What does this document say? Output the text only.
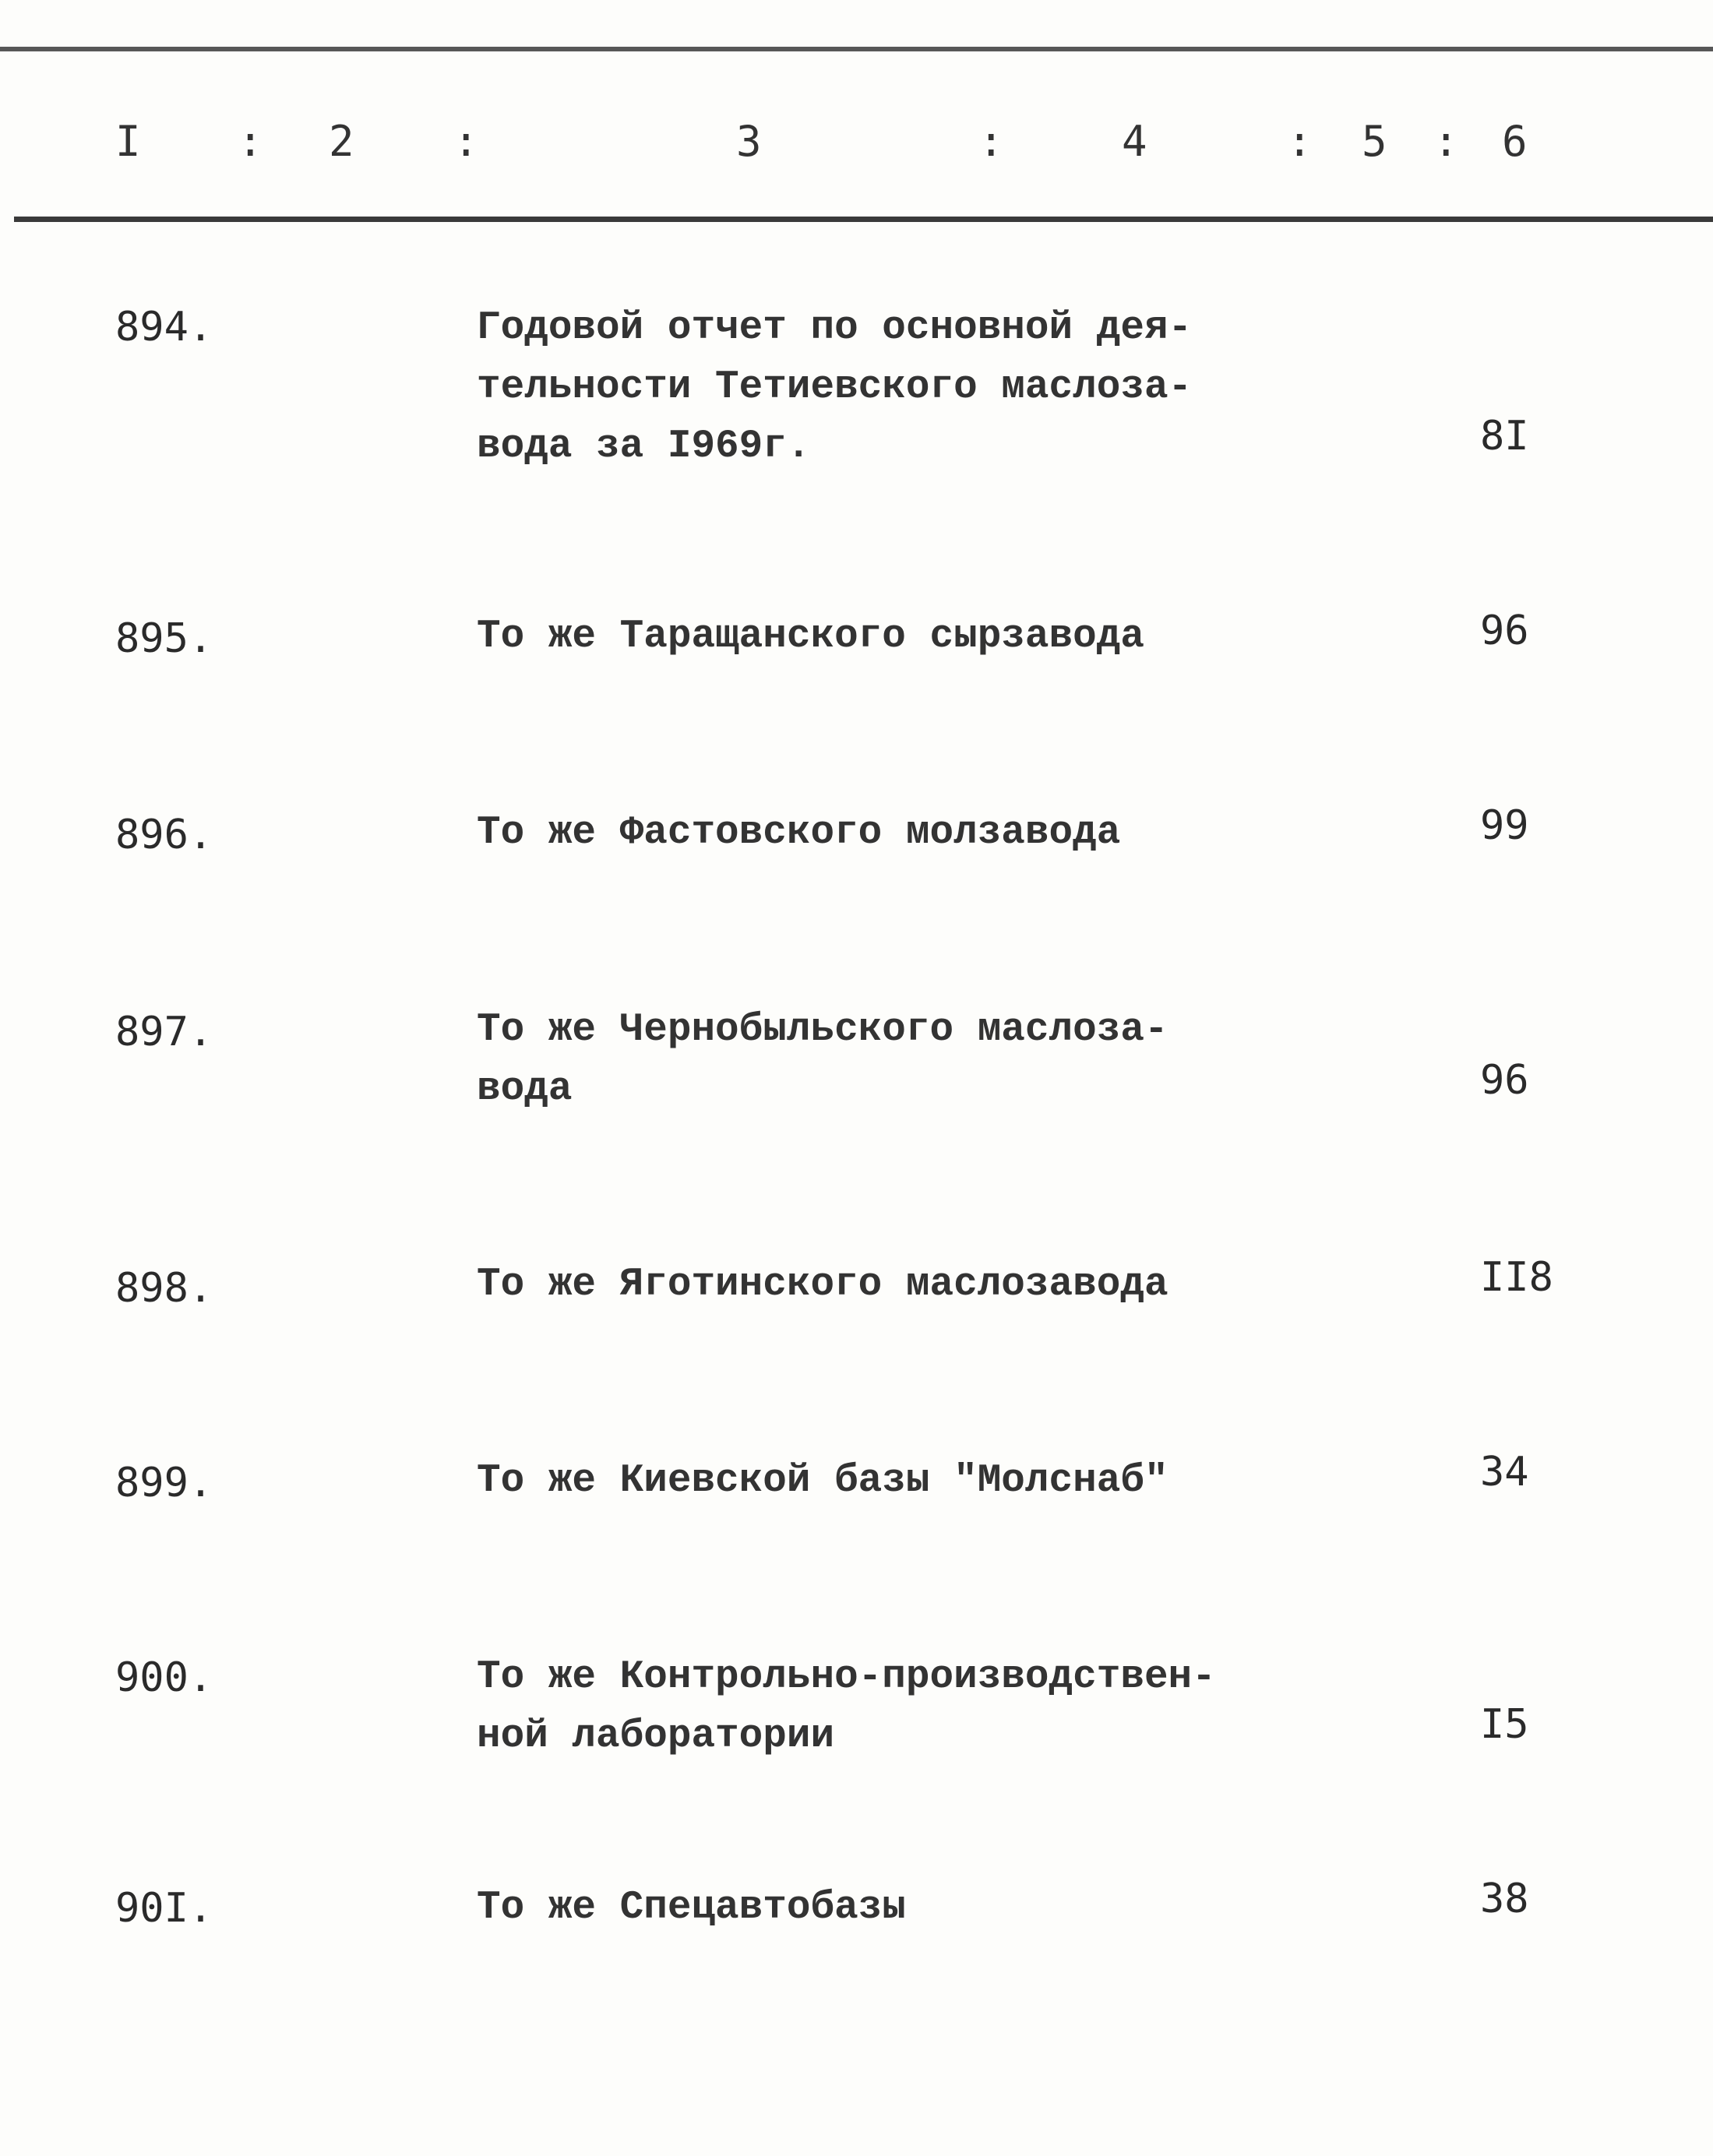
I : 2 :	3	:	4	: 5 : 6
894.	Годовой отчет по основной дея-
тельности Тетиевского маслоза-
вода за I969г.	8I
895.	То же Таращанского сырзавода	96
896.	То же Фастовского молзавода	99
897.	То же Чернобыльского маслоза-
вода	96
898.	То же Яготинского маслозавода	II8
899.	То же Киевской базы "Молснаб"	34
900.	То же Контрольно-производствен-
ной лаборатории	I5
90I.	То же Спецавтобазы	38
